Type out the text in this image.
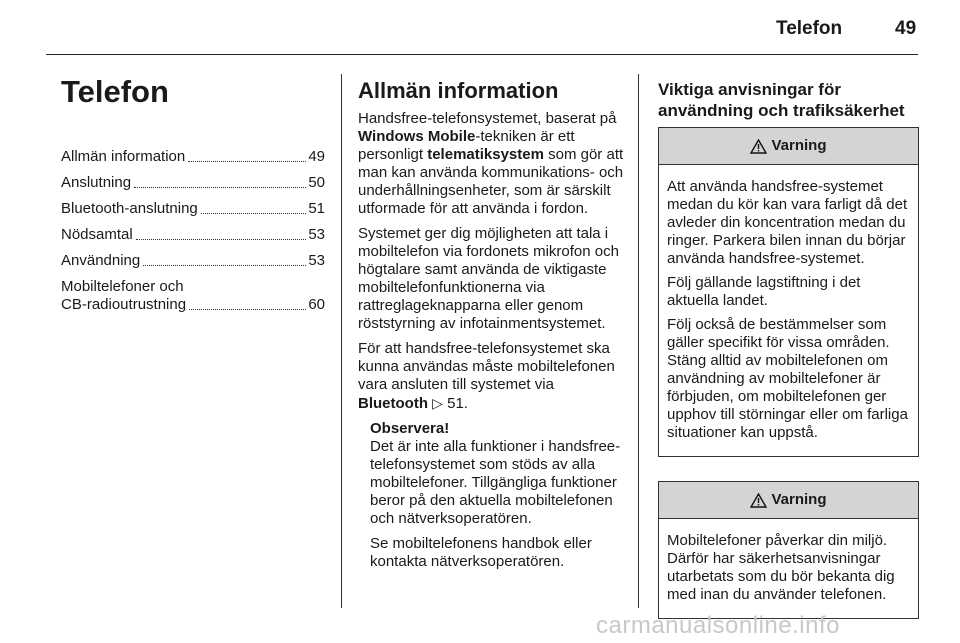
Telefon	49
Telefon
Allmän information	49
Anslutning	50
Bluetooth-anslutning	51
Nödsamtal	53
Användning	53
Mobiltelefoner och
CB-radioutrustning	60
Allmän information

Handsfree-telefonsystemet, baserat på Windows Mobile-tekniken är ett personligt telematiksystem som gör att man kan använda kommunikations- och underhållningsenheter, som är särskilt utformade för att använda i fordon.

Systemet ger dig möjligheten att tala i mobiltelefon via fordonets mikrofon och högtalare samt använda de viktigaste mobiltelefonfunktionerna via rattreglageknapparna eller genom röststyrning av infotainmentsystemet.

För att handsfree-telefonsystemet ska kunna användas måste mobiltelefonen vara ansluten till systemet via Bluetooth ▷ 51.

Observera!

Det är inte alla funktioner i handsfree-telefonsystemet som stöds av alla mobiltelefoner. Tillgängliga funktioner beror på den aktuella mobiltelefonen och nätverksoperatören.

Se mobiltelefonens handbok eller kontakta nätverksoperatören.

Viktiga anvisningar för användning och trafiksäkerhet
Varning

Att använda handsfree-systemet medan du kör kan vara farligt då det avleder din koncentration medan du ringer. Parkera bilen innan du börjar använda handsfree-systemet.

Följ gällande lagstiftning i det aktuella landet.

Följ också de bestämmelser som gäller specifikt för vissa områden. Stäng alltid av mobiltelefonen om användning av mobiltelefoner är förbjuden, om mobiltelefonen ger upphov till störningar eller om farliga situationer kan uppstå.

Varning

Mobiltelefoner påverkar din miljö. Därför har säkerhetsanvisningar utarbetats som du bör bekanta dig med inan du använder telefonen.

carmanualsonline.info
